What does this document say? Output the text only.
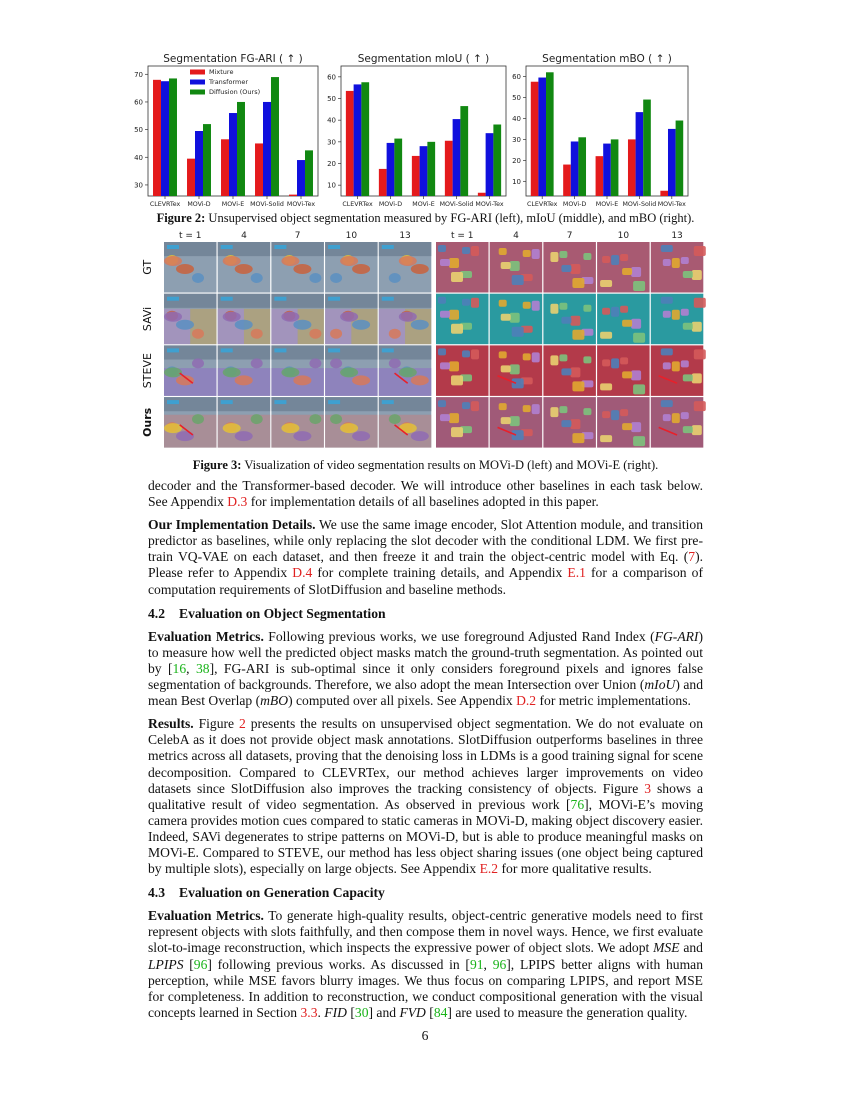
Segmentation FG-ARI ( ↑ )
30
40
50
60
70
CLEVRTex MOVi-D MOVi-E MOVi-Solid MOVi-Tex
Mixture
Transformer
Diffusion (Ours)
Segmentation mIoU ( ↑ )
10
20
30
40
50
60
CLEVRTex MOVi-D MOVi-E MOVi-Solid MOVi-Tex
Segmentation mBO ( ↑ )
10
20
30
40
50
60
CLEVRTex MOVi-D MOVi-E MOVi-Solid MOVi-Tex
Figure 2: Unsupervised object segmentation measured by FG-ARI (left), mIoU (middle), and mBO (right).
t = 1	4	7	10	13	t = 1	4	7	10	13
GT
SAVi
STEVE
Ours
Figure 3: Visualization of video segmentation results on MOVi-D (left) and MOVi-E (right).

decoder and the Transformer-based decoder. We will introduce other baselines in each task below. See Appendix D.3 for implementation details of all baselines adopted in this paper.

Our Implementation Details. We use the same image encoder, Slot Attention module, and transition predictor as baselines, while only replacing the slot decoder with the conditional LDM. We first pre-train VQ-VAE on each dataset, and then freeze it and train the object-centric model with Eq. (7). Please refer to Appendix D.4 for complete training details, and Appendix E.1 for a comparison of computation requirements of SlotDiffusion and baseline methods.

4.2 Evaluation on Object Segmentation

Evaluation Metrics. Following previous works, we use foreground Adjusted Rand Index (FG-ARI) to measure how well the predicted object masks match the ground-truth segmentation. As pointed out by [16, 38], FG-ARI is sub-optimal since it only considers foreground pixels and ignores false segmentation of backgrounds. Therefore, we also adopt the mean Intersection over Union (mIoU) and mean Best Overlap (mBO) computed over all pixels. See Appendix D.2 for metric implementations.

Results. Figure 2 presents the results on unsupervised object segmentation. We do not evaluate on CelebA as it does not provide object mask annotations. SlotDiffusion outperforms baselines in three metrics across all datasets, proving that the denoising loss in LDMs is a good training signal for scene decomposition. Compared to CLEVRTex, our method achieves larger improvements on video datasets since SlotDiffusion also improves the tracking consistency of objects. Figure 3 shows a qualitative result of video segmentation. As observed in previous work [76], MOVi-E’s moving camera provides motion cues compared to static cameras in MOVi-D, making object discovery easier. Indeed, SAVi degenerates to stripe patterns on MOVi-D, but is able to produce meaningful masks on MOVi-E. Compared to STEVE, our method has less object sharing issues (one object being captured by multiple slots), especially on large objects. See Appendix E.2 for more qualitative results.

4.3 Evaluation on Generation Capacity

Evaluation Metrics. To generate high-quality results, object-centric generative models need to first represent objects with slots faithfully, and then compose them in novel ways. Hence, we first evaluate slot-to-image reconstruction, which inspects the expressive power of object slots. We adopt MSE and LPIPS [96] following previous works. As discussed in [91, 96], LPIPS better aligns with human perception, while MSE favors blurry images. We thus focus on comparing LPIPS, and report MSE for completeness. In addition to reconstruction, we conduct compositional generation with the visual concepts learned in Section 3.3. FID [30] and FVD [84] are used to measure the generation quality.

6
